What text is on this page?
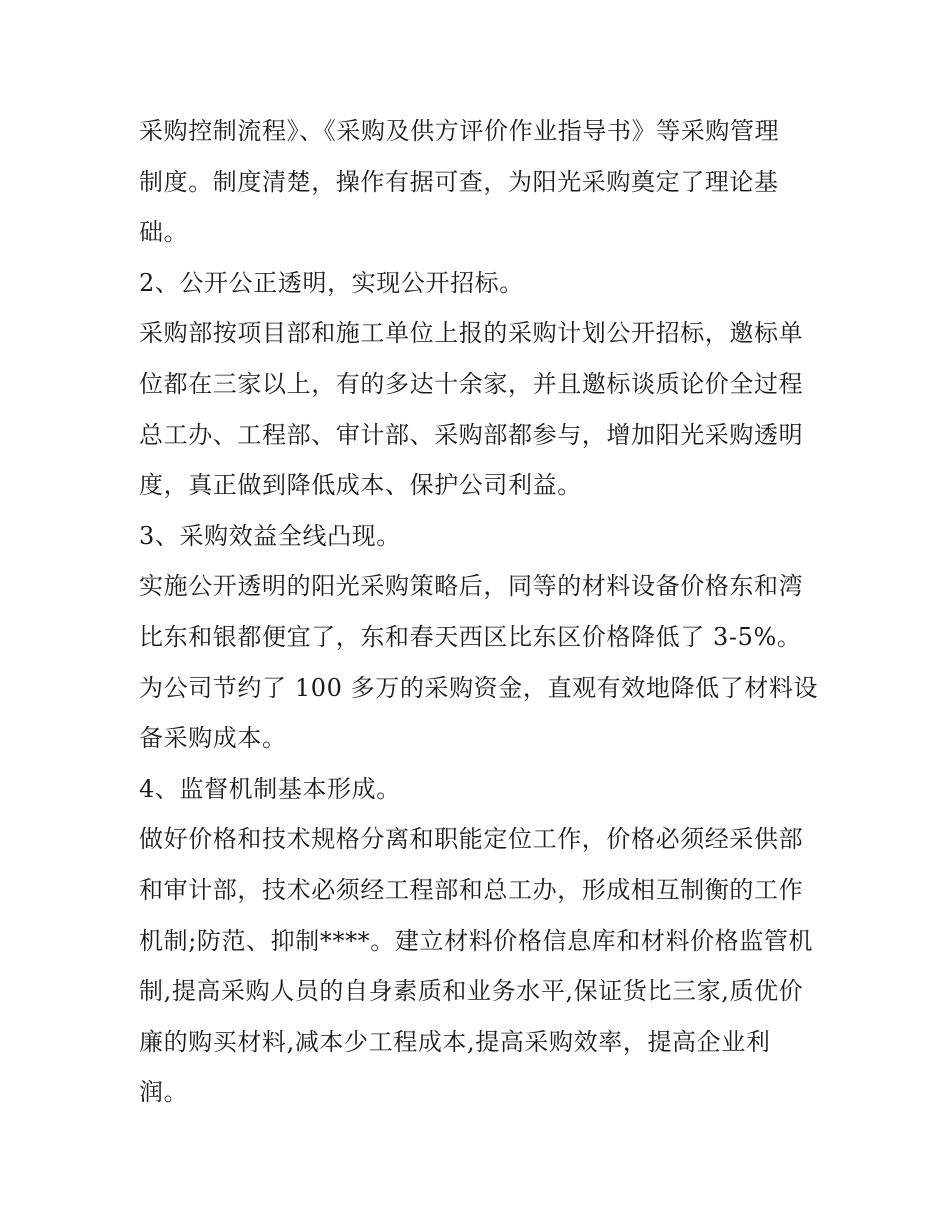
采购控制流程》、《采购及供方评价作业指导书》等采购管理
制度。制度清楚，操作有据可查，为阳光采购奠定了理论基
础。
2、公开公正透明，实现公开招标。
采购部按项目部和施工单位上报的采购计划公开招标，邀标单
位都在三家以上，有的多达十余家，并且邀标谈质论价全过程
总工办、工程部、审计部、采购部都参与，增加阳光采购透明
度，真正做到降低成本、保护公司利益。
3、采购效益全线凸现。
实施公开透明的阳光采购策略后，同等的材料设备价格东和湾
比东和银都便宜了，东和春天西区比东区价格降低了 3-5%。
为公司节约了 100 多万的采购资金，直观有效地降低了材料设
备采购成本。
4、监督机制基本形成。
做好价格和技术规格分离和职能定位工作，价格必须经采供部
和审计部，技术必须经工程部和总工办，形成相互制衡的工作
机制;防范、抑制****。建立材料价格信息库和材料价格监管机
制,提高采购人员的自身素质和业务水平,保证货比三家,质优价
廉的购买材料,减本少工程成本,提高采购效率，提高企业利
润。
